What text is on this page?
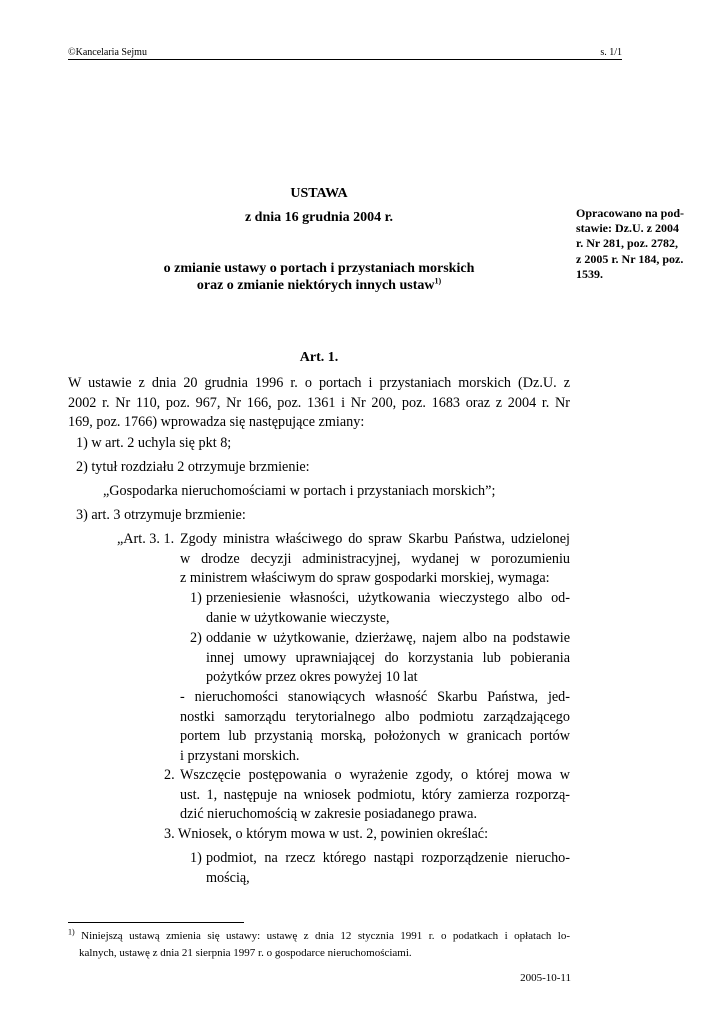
©Kancelaria Sejmu	s. 1/1
Opracowano na pod-
stawie: Dz.U. z 2004
r. Nr 281, poz. 2782,
z 2005 r. Nr 184, poz.
1539.
USTAWA
z dnia 16 grudnia 2004 r.
o zmianie ustawy o portach i przystaniach morskich
oraz o zmianie niektórych innych ustaw$^{1)}$
Art. 1.
W ustawie z dnia 20 grudnia 1996 r. o portach i przystaniach morskich (Dz.U. z
2002 r. Nr 110, poz. 967, Nr 166, poz. 1361 i Nr 200, poz. 1683 oraz z 2004 r. Nr
169, poz. 1766) wprowadza się następujące zmiany:
1) w art. 2 uchyla się pkt 8;
2) tytuł rozdziału 2 otrzymuje brzmienie:
„Gospodarka nieruchomościami w portach i przystaniach morskich”;
3) art. 3 otrzymuje brzmienie:
„Art. 3. 1. Zgody ministra właściwego do spraw Skarbu Państwa, udzielonej
w drodze decyzji administracyjnej, wydanej w porozumieniu
z ministrem właściwym do spraw gospodarki morskiej, wymaga:
1) przeniesienie własności, użytkowania wieczystego albo od-
danie w użytkowanie wieczyste,
2) oddanie w użytkowanie, dzierżawę, najem albo na podstawie
innej umowy uprawniającej do korzystania lub pobierania
pożytków przez okres powyżej 10 lat
- nieruchomości stanowiących własność Skarbu Państwa, jed-
nostki samorządu terytorialnego albo podmiotu zarządzającego
portem lub przystanią morską, położonych w granicach portów
i przystani morskich.
2. Wszczęcie postępowania o wyrażenie zgody, o której mowa w
ust. 1, następuje na wniosek podmiotu, który zamierza rozporzą-
dzić nieruchomością w zakresie posiadanego prawa.
3. Wniosek, o którym mowa w ust. 2, powinien określać:
1) podmiot, na rzecz którego nastąpi rozporządzenie nierucho-
mością,
$^{1)}$ Niniejszą ustawą zmienia się ustawy: ustawę z dnia 12 stycznia 1991 r. o podatkach i opłatach lo-
kalnych, ustawę z dnia 21 sierpnia 1997 r. o gospodarce nieruchomościami.
2005-10-11
